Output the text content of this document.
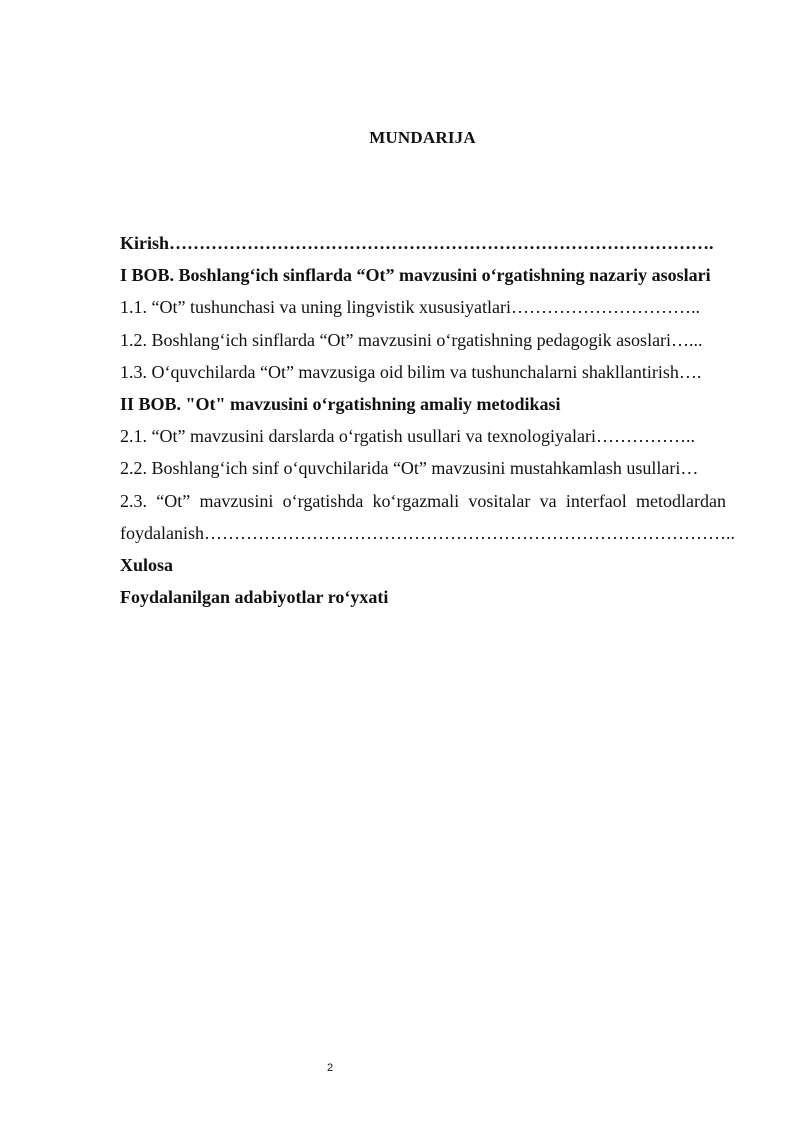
MUNDARIJA

Kirish……………………………………………………………………………….

I BOB. Boshlang‘ich sinflarda “Ot” mavzusini o‘rgatishning nazariy asoslari

1.1. “Ot” tushunchasi va uning lingvistik xususiyatlari…………………………..

1.2. Boshlang‘ich sinflarda “Ot” mavzusini o‘rgatishning pedagogik asoslari…...

1.3. O‘quvchilarda “Ot” mavzusiga oid bilim va tushunchalarni shakllantirish….

II BOB. "Ot" mavzusini o‘rgatishning amaliy metodikasi

2.1. “Ot” mavzusini darslarda o‘rgatish usullari va texnologiyalari……………..

2.2. Boshlang‘ich sinf o‘quvchilarida “Ot” mavzusini mustahkamlash usullari…

2.3. “Ot” mavzusini o‘rgatishda ko‘rgazmali vositalar va interfaol metodlardan foydalanish……………………………………………………………………………..

Xulosa

Foydalanilgan adabiyotlar ro‘yxati

2
